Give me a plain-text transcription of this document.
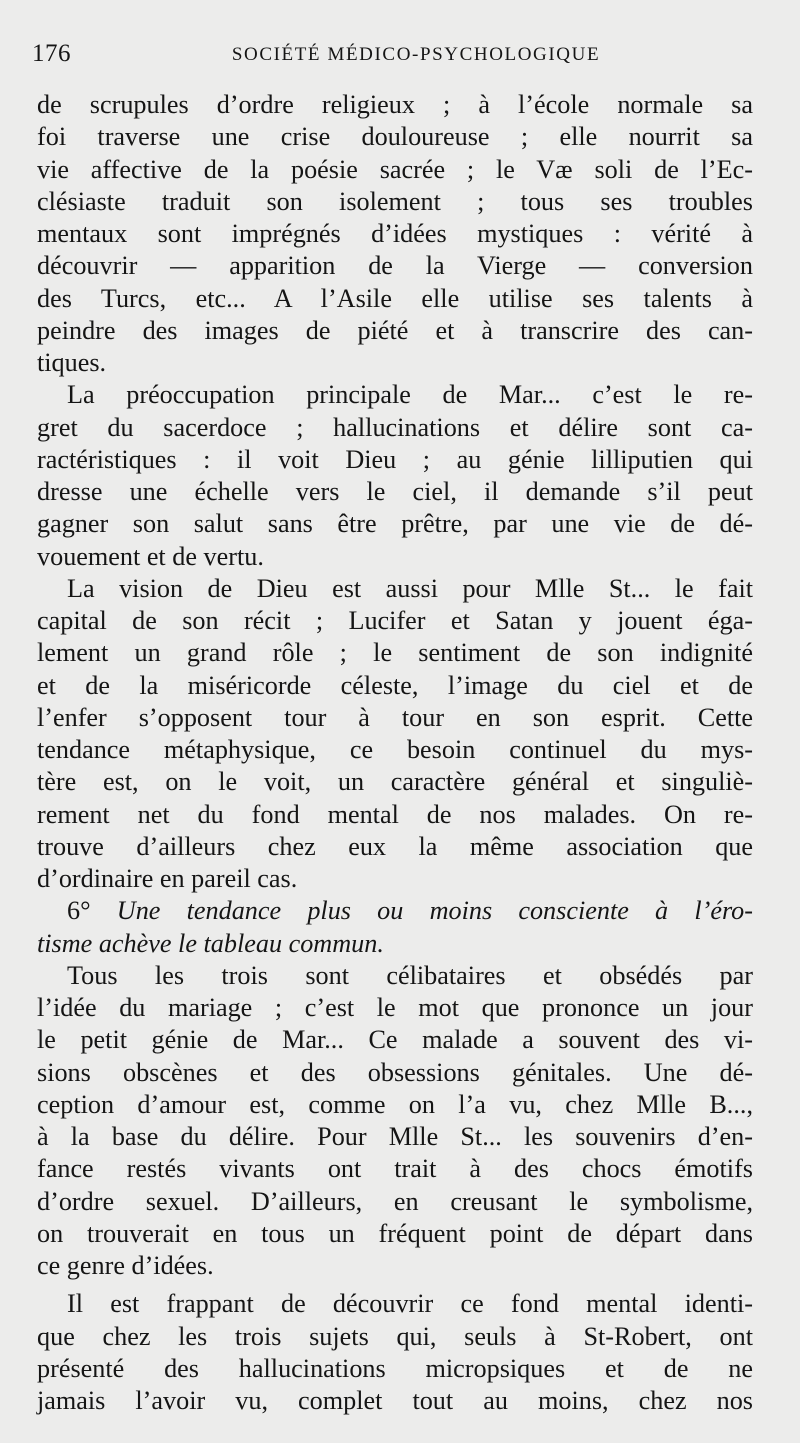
176	SOCIÉTÉ MÉDICO-PSYCHOLOGIQUE

de scrupules d’ordre religieux ; à l’école normale sa

foi traverse une crise douloureuse ; elle nourrit sa

vie affective de la poésie sacrée ; le Væ soli de l’Ec-

clésiaste traduit son isolement ; tous ses troubles

mentaux sont imprégnés d’idées mystiques : vérité à

découvrir — apparition de la Vierge — conversion

des Turcs, etc... A l’Asile elle utilise ses talents à

peindre des images de piété et à transcrire des can-

tiques.

La préoccupation principale de Mar... c’est le re-

gret du sacerdoce ; hallucinations et délire sont ca-

ractéristiques : il voit Dieu ; au génie lilliputien qui

dresse une échelle vers le ciel, il demande s’il peut

gagner son salut sans être prêtre, par une vie de dé-

vouement et de vertu.

La vision de Dieu est aussi pour Mlle St... le fait

capital de son récit ; Lucifer et Satan y jouent éga-

lement un grand rôle ; le sentiment de son indignité

et de la miséricorde céleste, l’image du ciel et de

l’enfer s’opposent tour à tour en son esprit. Cette

tendance métaphysique, ce besoin continuel du mys-

tère est, on le voit, un caractère général et singuliè-

rement net du fond mental de nos malades. On re-

trouve d’ailleurs chez eux la même association que

d’ordinaire en pareil cas.

6° Une tendance plus ou moins consciente à l’éro-

tisme achève le tableau commun.

Tous les trois sont célibataires et obsédés par

l’idée du mariage ; c’est le mot que prononce un jour

le petit génie de Mar... Ce malade a souvent des vi-

sions obscènes et des obsessions génitales. Une dé-

ception d’amour est, comme on l’a vu, chez Mlle B...,

à la base du délire. Pour Mlle St... les souvenirs d’en-

fance restés vivants ont trait à des chocs émotifs

d’ordre sexuel. D’ailleurs, en creusant le symbolisme,

on trouverait en tous un fréquent point de départ dans

ce genre d’idées.

Il est frappant de découvrir ce fond mental identi-

que chez les trois sujets qui, seuls à St-Robert, ont

présenté des hallucinations micropsiques et de ne

jamais l’avoir vu, complet tout au moins, chez nos
